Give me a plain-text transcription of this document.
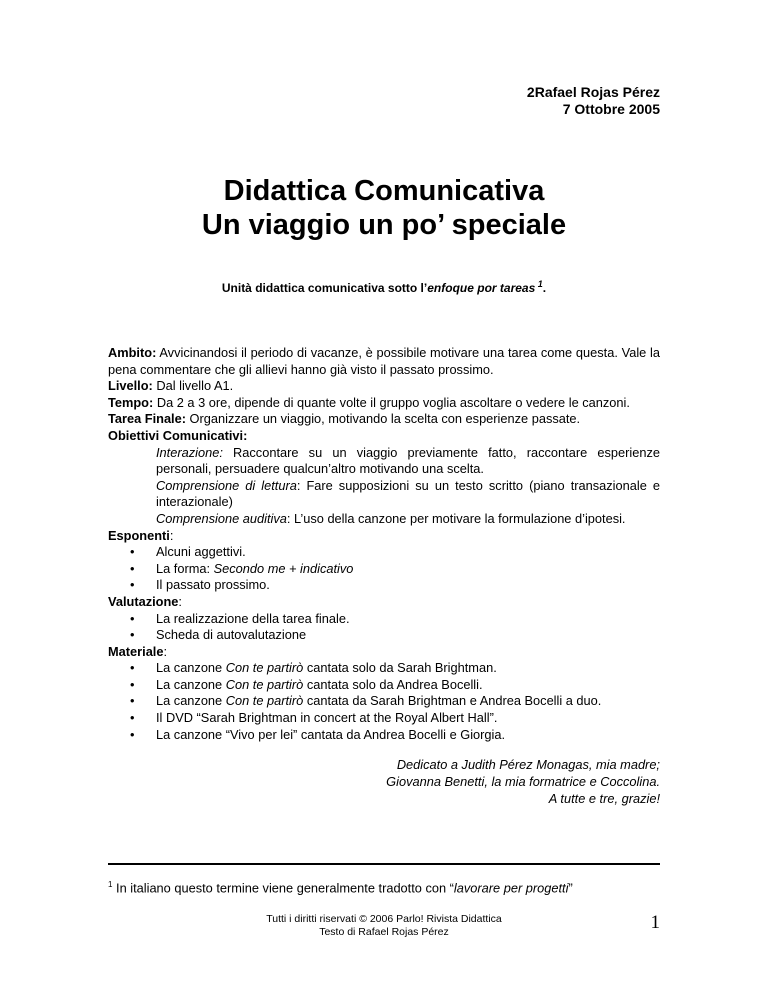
2Rafael Rojas Pérez
7 Ottobre 2005
Didattica Comunicativa
Un viaggio un po’ speciale
Unità didattica comunicativa sotto l’enfoque por tareas $^1$.

Ambito: Avvicinandosi il periodo di vacanze, è possibile motivare una tarea come questa. Vale la pena commentare che gli allievi hanno già visto il passato prossimo.

Livello: Dal livello A1.

Tempo: Da 2 a 3 ore, dipende di quante volte il gruppo voglia ascoltare o vedere le canzoni.

Tarea Finale: Organizzare un viaggio, motivando la scelta con esperienze passate.

Obiettivi Comunicativi:

Interazione: Raccontare su un viaggio previamente fatto, raccontare esperienze personali, persuadere qualcun’altro motivando una scelta.

Comprensione di lettura: Fare supposizioni su un testo scritto (piano transazionale e interazionale)

Comprensione auditiva: L’uso della canzone per motivare la formulazione d’ipotesi.

Esponenti:

• Alcuni aggettivi.
• La forma: Secondo me + indicativo
• Il passato prossimo.

Valutazione:

• La realizzazione della tarea finale.
• Scheda di autovalutazione

Materiale:

• La canzone Con te partirò cantata solo da Sarah Brightman.
• La canzone Con te partirò cantata solo da Andrea Bocelli.
• La canzone Con te partirò cantata da Sarah Brightman e Andrea Bocelli a duo.
• Il DVD “Sarah Brightman in concert at the Royal Albert Hall”.
• La canzone “Vivo per lei” cantata da Andrea Bocelli e Giorgia.
Dedicato a Judith Pérez Monagas, mia madre;
Giovanna Benetti, la mia formatrice e Coccolina.
A tutte e tre, grazie!
$^1$ In italiano questo termine viene generalmente tradotto con “lavorare per progetti”
Tutti i diritti riservati © 2006 Parlo! Rivista Didattica
Testo di Rafael Rojas Pérez	1
